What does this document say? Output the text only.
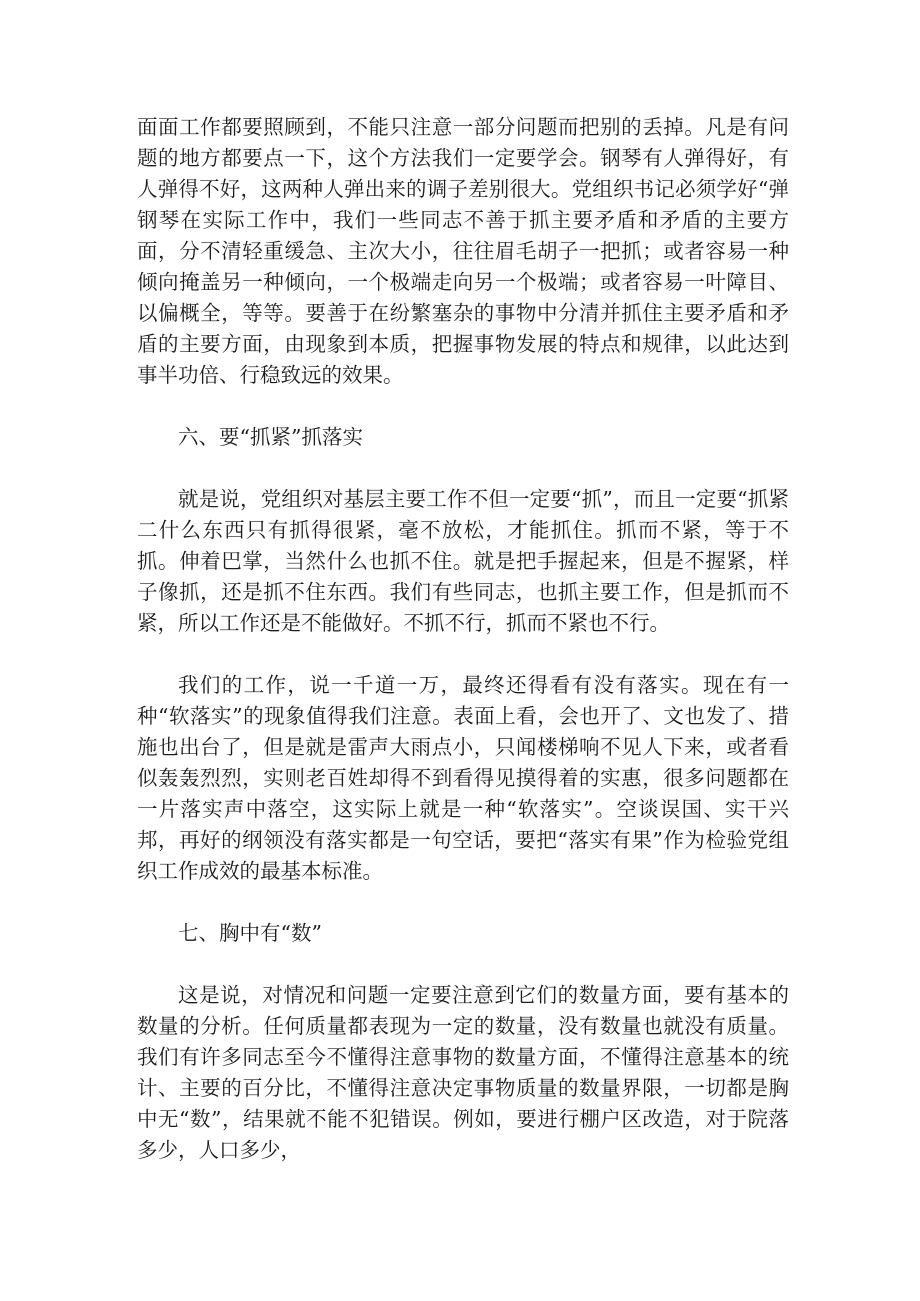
面面工作都要照顾到，不能只注意一部分问题而把别的丢掉。凡是有问题的地方都要点一下，这个方法我们一定要学会。钢琴有人弹得好，有人弹得不好，这两种人弹出来的调子差别很大。党组织书记必须学好“弹钢琴在实际工作中，我们一些同志不善于抓主要矛盾和矛盾的主要方面，分不清轻重缓急、主次大小，往往眉毛胡子一把抓；或者容易一种倾向掩盖另一种倾向，一个极端走向另一个极端；或者容易一叶障目、以偏概全，等等。要善于在纷繁塞杂的事物中分清并抓住主要矛盾和矛盾的主要方面，由现象到本质，把握事物发展的特点和规律，以此达到事半功倍、行稳致远的效果。

六、要“抓紧”抓落实

就是说，党组织对基层主要工作不但一定要“抓”，而且一定要“抓紧二什么东西只有抓得很紧，毫不放松，才能抓住。抓而不紧，等于不抓。伸着巴掌，当然什么也抓不住。就是把手握起来，但是不握紧，样子像抓，还是抓不住东西。我们有些同志，也抓主要工作，但是抓而不紧，所以工作还是不能做好。不抓不行，抓而不紧也不行。

我们的工作，说一千道一万，最终还得看有没有落实。现在有一种“软落实”的现象值得我们注意。表面上看，会也开了、文也发了、措施也出台了，但是就是雷声大雨点小，只闻楼梯响不见人下来，或者看似轰轰烈烈，实则老百姓却得不到看得见摸得着的实惠，很多问题都在一片落实声中落空，这实际上就是一种“软落实”。空谈误国、实干兴邦，再好的纲领没有落实都是一句空话，要把“落实有果”作为检验党组织工作成效的最基本标准。

七、胸中有“数”

这是说，对情况和问题一定要注意到它们的数量方面，要有基本的数量的分析。任何质量都表现为一定的数量，没有数量也就没有质量。我们有许多同志至今不懂得注意事物的数量方面，不懂得注意基本的统计、主要的百分比，不懂得注意决定事物质量的数量界限，一切都是胸中无“数”，结果就不能不犯错误。例如，要进行棚户区改造，对于院落多少，人口多少，
